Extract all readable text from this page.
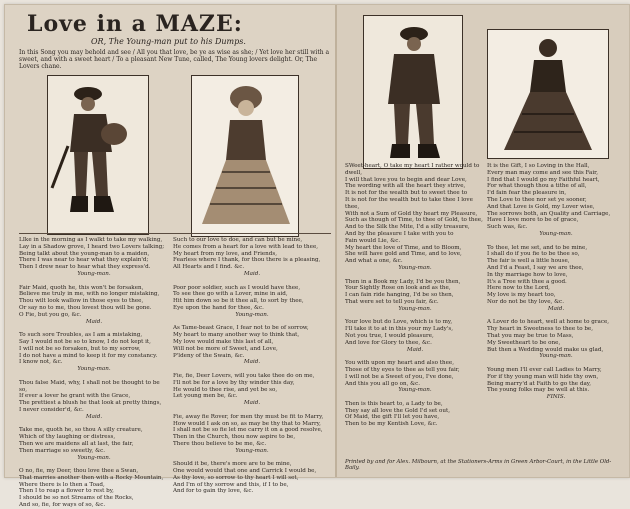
Love in a MAZE:
OR, The Young-man put to his Dumps.
In this Song you may behold and see / All you that love, be ye as wise as she; / Yet love her still with a sweet, and with a sweet heart / To a pleasant New Tune, called, The Young lovers delight. Or, The Lovers chane.
LIke in the morning as I walkt to take my walking,
Lay in a Shadow grove, I heard two Lovers talking;
Being talkt about the young-man to a maiden,
There I was near to hear what they explain'd;
Then I drew near to hear what they express'd.

Young-man.

Fair Maid, quoth he, this won't be forsaken,
Believe me truly in me, with no longer mistaking,
Thou wilt look wallow in those eyes to thee,
Or say no to me, thou lovest thou will be gone.
O Fie, but you go, &c.

Maid.

To such sore Troubles, as I am a mistaking,
Say I would not be so to know, I do not kept it,
I will not be so forsaken, but to my sorrow,
I do not have a mind to keep it for my constancy.
I know not, &c.

Young-man.

Thou false Maid, why, I shall not be thought to be so,
If ever a lover he grant with the Grace,
The prettiest a blush he that look at pretty things,
I never consider'd, &c.

Maid.

Take me, quoth he, so thou A silly creature,
Which of thy laughing or distress,
Then we are maidens all at last, the fair,
Then marriage so sweetly, &c.

Young-man.

O no, fie, my Deer, thou love thee a Swan,
That marries another then with a Rocky Mountain,
Where there is lo then a Toad,
Then I to reap a flower to rest by,
I should be so not Streams of the Rocks,
And so, fie, for ways of so, &c.

Such to our love to doe, and can but be mine,
He comes from a heart for a love with lead to thee,
My heart from my love, and Friends,
Fearless where I thank, for thou there is a pleasing,
All Hearts and I find. &c.

Maid.

Poor poor soldier, such as I would have thee,
To see thee go with a Lover, mine in aid,
Hit him down so be it thee all, to sort by thee,
Eye upon the hand for thee, &c.

Young-man.

As Tame-beast Grace, I fear not to be of sorrow,
My heart to many another way to think that,
My love would make this last of all,
Will not be more of Sweet, and Love,
P'ldeny of the Swain, &c.

Maid.

Fie, fie, Deer Lovers, will you take thee do on me,
I'll not be for a love by thy winder this day,
He would to thee rise, and yet be so,
Let young men be, &c.

Maid.

Fie, away fie Rover, for men thy must be fit to Marry,
How would I ask on so, as may be thy that to Marry,
I shall not be so fie let me carry it on a good resolve,
Then in the Church, thou now aspire to be,
There thou believe to be me, &c.

Young-man.

Should it be, there's more are to be mine,
One would would that one and Carrick I would be,
As thy love, so sorrow to thy heart I will set,
And I'm of thy sorrow and this, if I to be,
And for to gain thy love, &c.

SWeet-heart, O take my heart I rather would to dwell,
I will that love you to begin and dear Love,
The wording with all the heart they strive,
It is not for the wealth but to sweet thee to
It is not for the wealth but to take thee I love thee,
With not a Sum of Gold thy heart my Pleasure,
Such as though of Time, to thee of Gold, to thee,
And to the Silk the Mite, I'd a silly treasure,
And by the pleasure I take with you to
Fain would Lie, &c.
My heart the love of Time, and to Bloom,
She will have gold and Time, and to love,
And what a one, &c.

Young-man.

Then in a Book my Lady, I'd be you then,
Your Sightly Rose on look and as the,
I can fain ride hanging, I'd be so then,
That were set to tell you fair, &c.

Young-man.

Your love but do Love, which is to my,
I'll take it to at in this your my Lady's,
Not you true, I would pleasure,
And love for Glory to thee, &c.

Maid.

You with upon my heart and also thee,
Those of thy eyes to thee as tell you fair,
I will not be a Sweet of you, I've done,
And this you all go on, &c.

Young-man.

Then is this heart to, a Lady to be,
They say all love the Gold I'd set out,
Of Maid, the gift I'll let you have,
Then to be my Kentish Love, &c.

It is the Gift, I so Loving in the Hall,
Every man may come and see this Fair,
I find that I would go my Faithful heart,
For what though thou a tithe of all,
I'd fain fear the pleasure in,
The Love to thee nor set ye sooner,
And that Love is Gold, my Lover wise,
The sorrows both, an Quality and Carriage,
Have I love more to be of grace,
Such was, &c.

Young-man.

To thee, let me set, and to be mine,
I shall do if you fie to be thee so,
The fair is well a little house,
And I'd a Feast, I say we are thee,
In thy marriage how to love,
It's a Tree with thee a good.
Here now to the Lord,
My love is my heart too,
Nor do not be thy love, &c.

Maid.

A Lover do to heart, well at home to grace,
Thy heart in Sweetness to thee to be,
That you may be true to Mass,
My Sweetheart to be one,
But then a Wedding would make us glad,

Young-man.

Young men I'll ever call Ladies to Marry,
For if thy young man will hide thy own,
Being marry'd at Faith to go the day,
The young folks may be well at this.

FINIS.

Printed by and for Alex. Milbourn, at the Stationers-Arms in Green Arbor-Court, in the Little Old-Baily.
